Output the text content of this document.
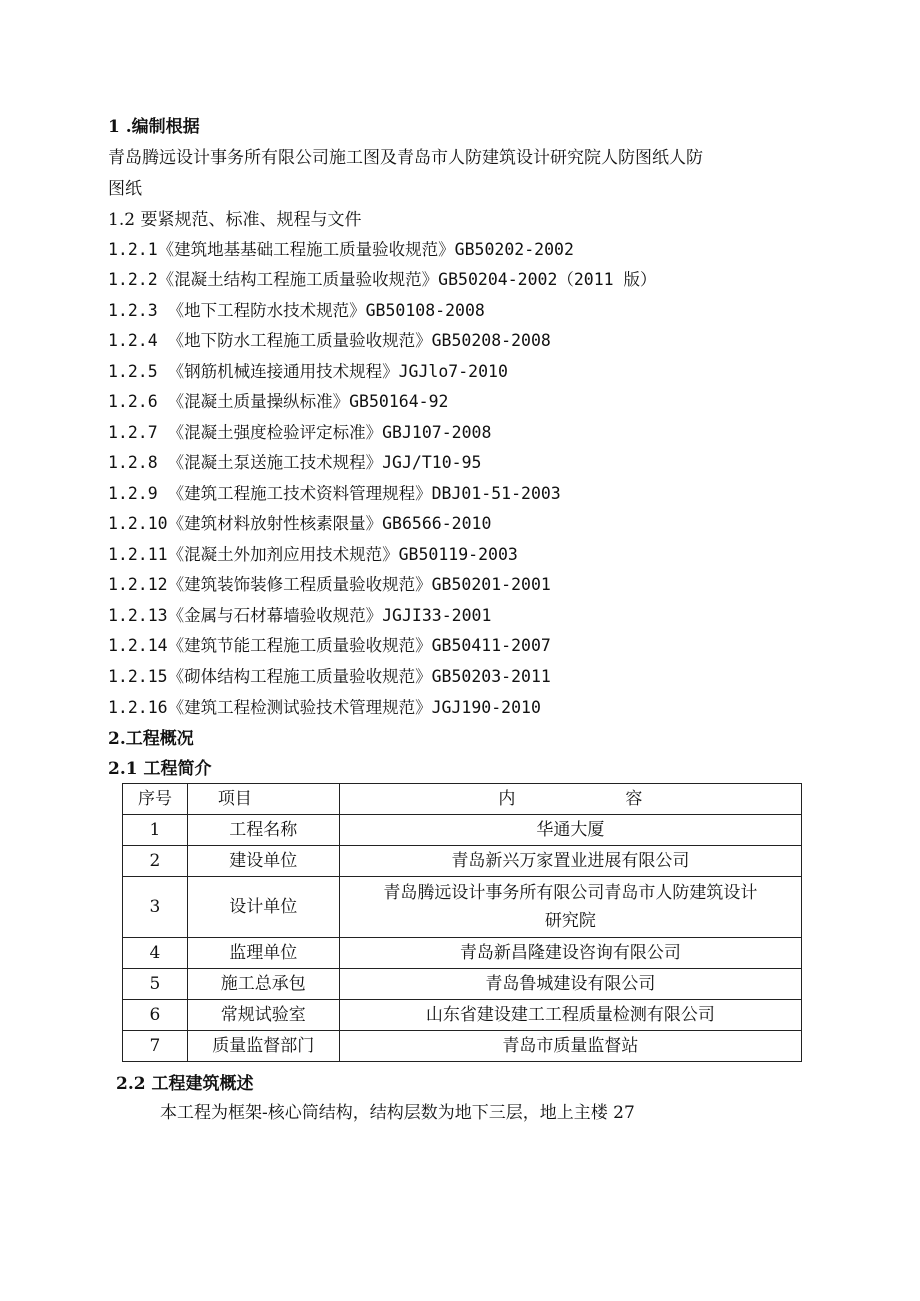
1 .编制根据
青岛腾远设计事务所有限公司施工图及青岛市人防建筑设计研究院人防图纸人防
图纸
1.2 要紧规范、标准、规程与文件
1.2.1《建筑地基基础工程施工质量验收规范》GB50202-2002
1.2.2《混凝土结构工程施工质量验收规范》GB50204-2002（2011 版）
1.2.3 《地下工程防水技术规范》GB50108-2008
1.2.4 《地下防水工程施工质量验收规范》GB50208-2008
1.2.5 《钢筋机械连接通用技术规程》JGJlo7-2010
1.2.6 《混凝土质量操纵标准》GB50164-92
1.2.7 《混凝土强度检验评定标准》GBJ107-2008
1.2.8 《混凝土泵送施工技术规程》JGJ/T10-95
1.2.9 《建筑工程施工技术资料管理规程》DBJ01-51-2003
1.2.10《建筑材料放射性核素限量》GB6566-2010
1.2.11《混凝土外加剂应用技术规范》GB50119-2003
1.2.12《建筑装饰装修工程质量验收规范》GB50201-2001
1.2.13《金属与石材幕墙验收规范》JGJI33-2001
1.2.14《建筑节能工程施工质量验收规范》GB50411-2007
1.2.15《砌体结构工程施工质量验收规范》GB50203-2011
1.2.16《建筑工程检测试验技术管理规范》JGJ190-2010
2.工程概况
2.1 工程简介
序号	项目	内 容
1	工程名称	华通大厦
2	建设单位	青岛新兴万家置业进展有限公司
3	设计单位	青岛腾远设计事务所有限公司青岛市人防建筑设计
研究院

4	监理单位	青岛新昌隆建设咨询有限公司
5	施工总承包	青岛鲁城建设有限公司
6	常规试验室	山东省建设建工工程质量检测有限公司
7	质量监督部门	青岛市质量监督站
2.2 工程建筑概述
本工程为框架-核心筒结构，结构层数为地下三层，地上主楼 27
